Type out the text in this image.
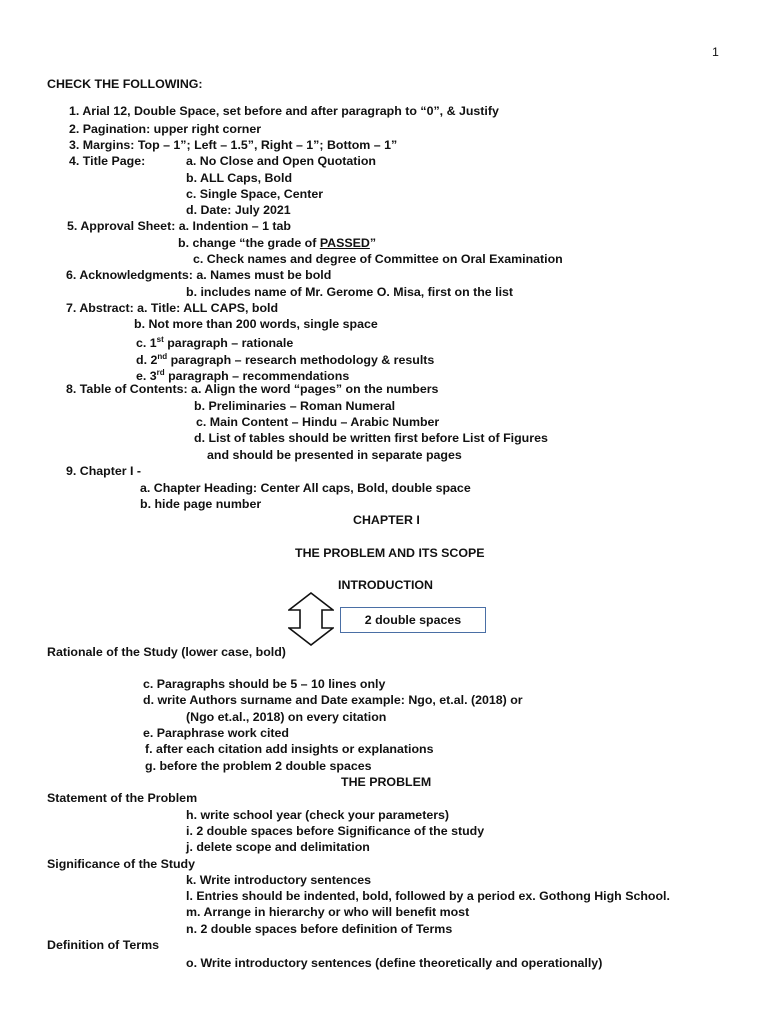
1
CHECK THE FOLLOWING:
1. Arial 12, Double Space, set before and after paragraph to “0”, & Justify
2. Pagination: upper right corner
3. Margins: Top – 1”; Left – 1.5”, Right – 1”; Bottom – 1”
4. Title Page:	a. No Close and Open Quotation
b. ALL Caps, Bold
c. Single Space, Center
d. Date: July 2021
5. Approval Sheet: a. Indention – 1 tab
b. change “the grade of PASSED”
c. Check names and degree of Committee on Oral Examination
6. Acknowledgments: a. Names must be bold
b. includes name of Mr. Gerome O. Misa, first on the list
7. Abstract: a. Title: ALL CAPS, bold
b. Not more than 200 words, single space
c. 1st paragraph – rationale
d. 2nd paragraph – research methodology & results
e. 3rd paragraph – recommendations
8. Table of Contents: a. Align the word “pages” on the numbers
b. Preliminaries – Roman Numeral
c. Main Content – Hindu – Arabic Number
d. List of tables should be written first before List of Figures
and should be presented in separate pages
9. Chapter I -
a. Chapter Heading: Center All caps, Bold, double space
b. hide page number
CHAPTER I
THE PROBLEM AND ITS SCOPE
INTRODUCTION
2 double spaces
Rationale of the Study (lower case, bold)
c. Paragraphs should be 5 – 10 lines only
d. write Authors surname and Date example: Ngo, et.al. (2018) or
(Ngo et.al., 2018) on every citation
e. Paraphrase work cited
f. after each citation add insights or explanations
g. before the problem 2 double spaces
THE PROBLEM
Statement of the Problem
h. write school year (check your parameters)
i. 2 double spaces before Significance of the study
j. delete scope and delimitation
Significance of the Study
k. Write introductory sentences
l. Entries should be indented, bold, followed by a period ex. Gothong High School.
m. Arrange in hierarchy or who will benefit most
n. 2 double spaces before definition of Terms
Definition of Terms
o. Write introductory sentences (define theoretically and operationally)
